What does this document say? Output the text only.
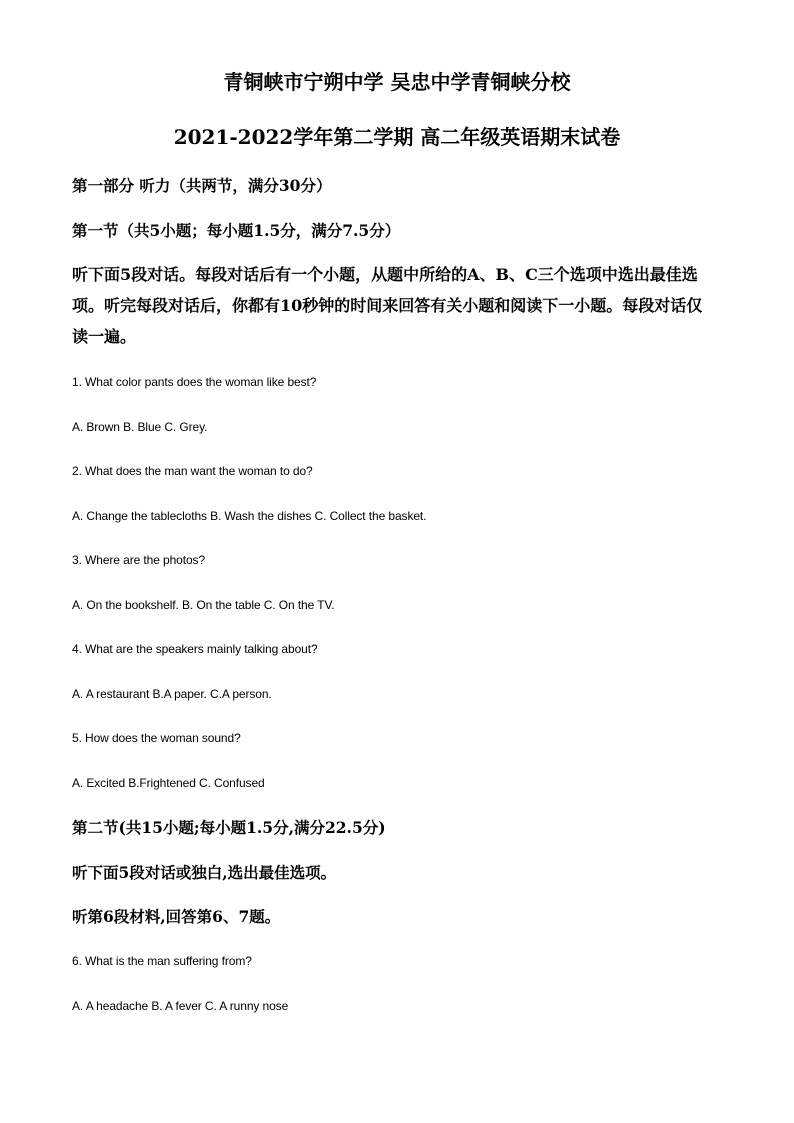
青铜峡市宁朔中学 吴忠中学青铜峡分校
2021-2022学年第二学期 高二年级英语期末试卷
第一部分 听力（共两节，满分30分）
第一节（共5小题；每小题1.5分，满分7.5分）
听下面5段对话。每段对话后有一个小题，从题中所给的A、B、C三个选项中选出最佳选
项。听完每段对话后，你都有10秒钟的时间来回答有关小题和阅读下一小题。每段对话仅
读一遍。
1. What color pants does the woman like best?
A. Brown B. Blue C. Grey.
2. What does the man want the woman to do?
A. Change the tablecloths B. Wash the dishes C. Collect the basket.
3. Where are the photos?
A. On the bookshelf. B. On the table C. On the TV.
4. What are the speakers mainly talking about?
A. A restaurant B.A paper. C.A person.
5. How does the woman sound?
A. Excited B.Frightened C. Confused
第二节(共15小题;每小题1.5分,满分22.5分)
听下面5段对话或独白,选出最佳选项。
听第6段材料,回答第6、7题。
6. What is the man suffering from?
A. A headache B. A fever C. A runny nose
